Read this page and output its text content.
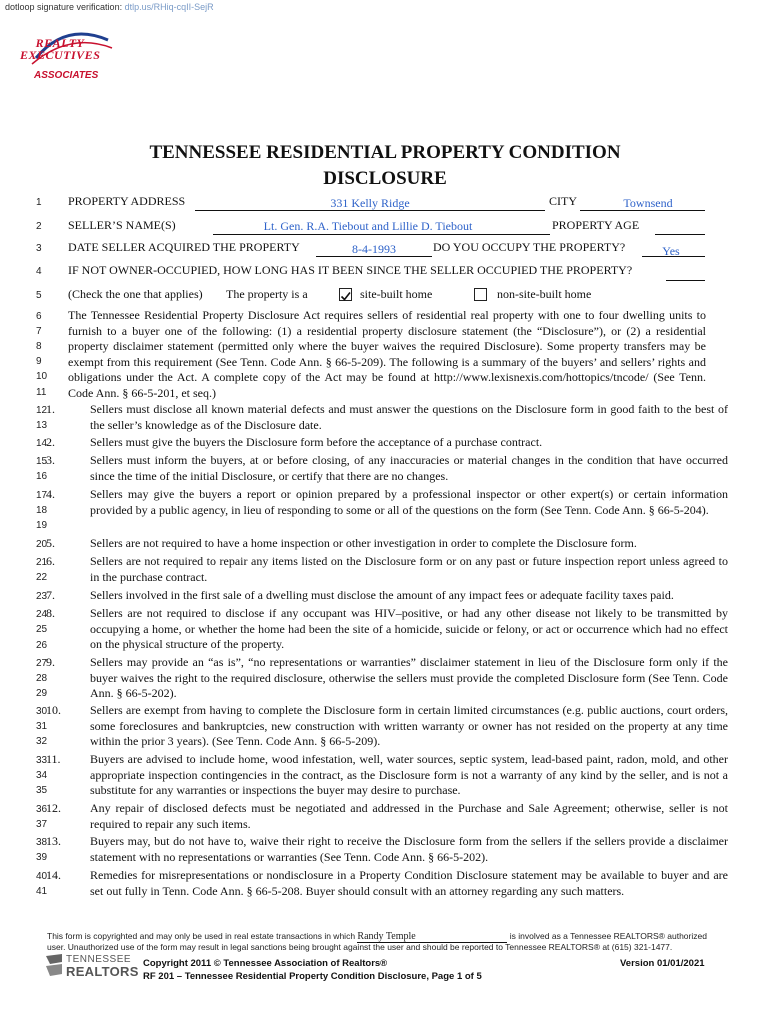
dotloop signature verification: dtlp.us/RHiq-cqII-SejR
REALTY
EXECUTIVES
ASSOCIATES
TENNESSEE RESIDENTIAL PROPERTY CONDITION
DISCLOSURE
1
2
3
4
5
6
7
8
9
10
11
12
13
14
15
16
17
18
19
20
21
22
23
24
25
26
27
28
29
30
31
32
33
34
35
36
37
38
39
40
41
PROPERTY ADDRESS	331 Kelly Ridge	CITY	Townsend
SELLER’S NAME(S)	Lt. Gen. R.A. Tiebout and Lillie D. Tiebout	PROPERTY AGE
DATE SELLER ACQUIRED THE PROPERTY	8-4-1993	DO YOU OCCUPY THE PROPERTY?	Yes
IF NOT OWNER-OCCUPIED, HOW LONG HAS IT BEEN SINCE THE SELLER OCCUPIED THE PROPERTY?
(Check the one that applies) The property is a	site-built home	non-site-built home
The Tennessee Residential Property Disclosure Act requires sellers of residential real property with one to four dwelling units to furnish to a buyer one of the following: (1) a residential property disclosure statement (the “Disclosure”), or (2) a residential property disclaimer statement (permitted only where the buyer waives the required Disclosure). Some property transfers may be exempt from this requirement (See Tenn. Code Ann. § 66-5-209). The following is a summary of the buyers’ and sellers’ rights and obligations under the Act. A complete copy of the Act may be found at http://www.lexisnexis.com/hottopics/tncode/ (See Tenn. Code Ann. § 66-5-201, et seq.)
1.	Sellers must disclose all known material defects and must answer the questions on the Disclosure form in good faith to the best of the seller’s knowledge as of the Disclosure date.
2.	Sellers must give the buyers the Disclosure form before the acceptance of a purchase contract.
3.	Sellers must inform the buyers, at or before closing, of any inaccuracies or material changes in the condition that have occurred since the time of the initial Disclosure, or certify that there are no changes.
4.	Sellers may give the buyers a report or opinion prepared by a professional inspector or other expert(s) or certain information provided by a public agency, in lieu of responding to some or all of the questions on the form (See Tenn. Code Ann. § 66-5-204).
5.	Sellers are not required to have a home inspection or other investigation in order to complete the Disclosure form.
6.	Sellers are not required to repair any items listed on the Disclosure form or on any past or future inspection report unless agreed to in the purchase contract.
7.	Sellers involved in the first sale of a dwelling must disclose the amount of any impact fees or adequate facility taxes paid.
8.	Sellers are not required to disclose if any occupant was HIV–positive, or had any other disease not likely to be transmitted by occupying a home, or whether the home had been the site of a homicide, suicide or felony, or act or occurrence which had no effect on the physical structure of the property.
9.	Sellers may provide an “as is”, “no representations or warranties” disclaimer statement in lieu of the Disclosure form only if the buyer waives the right to the required disclosure, otherwise the sellers must provide the completed Disclosure form (See Tenn. Code Ann. § 66-5-202).
10. Sellers are exempt from having to complete the Disclosure form in certain limited circumstances (e.g. public auctions, court orders, some foreclosures and bankruptcies, new construction with written warranty or owner has not resided on the property at any time within the prior 3 years). (See Tenn. Code Ann. § 66-5-209).
11. Buyers are advised to include home, wood infestation, well, water sources, septic system, lead-based paint, radon, mold, and other appropriate inspection contingencies in the contract, as the Disclosure form is not a warranty of any kind by the seller, and is not a substitute for any warranties or inspections the buyer may desire to purchase.
12. Any repair of disclosed defects must be negotiated and addressed in the Purchase and Sale Agreement; otherwise, seller is not required to repair any such items.
13. Buyers may, but do not have to, waive their right to receive the Disclosure form from the sellers if the sellers provide a disclaimer statement with no representations or warranties (See Tenn. Code Ann. § 66-5-202).
14. Remedies for misrepresentations or nondisclosure in a Property Condition Disclosure statement may be available to buyer and are set out fully in Tenn. Code Ann. § 66-5-208. Buyer should consult with an attorney regarding any such matters.
This form is copyrighted and may only be used in real estate transactions in which Randy Temple	is involved as a Tennessee REALTORS® authorized
user. Unauthorized use of the form may result in legal sanctions being brought against the user and should be reported to Tennessee REALTORS® at (615) 321-1477.
TENNESSEE
REALTORS
Copyright 2011 © Tennessee Association of Realtors®
RF 201 – Tennessee Residential Property Condition Disclosure, Page 1 of 5
Version 01/01/2021
